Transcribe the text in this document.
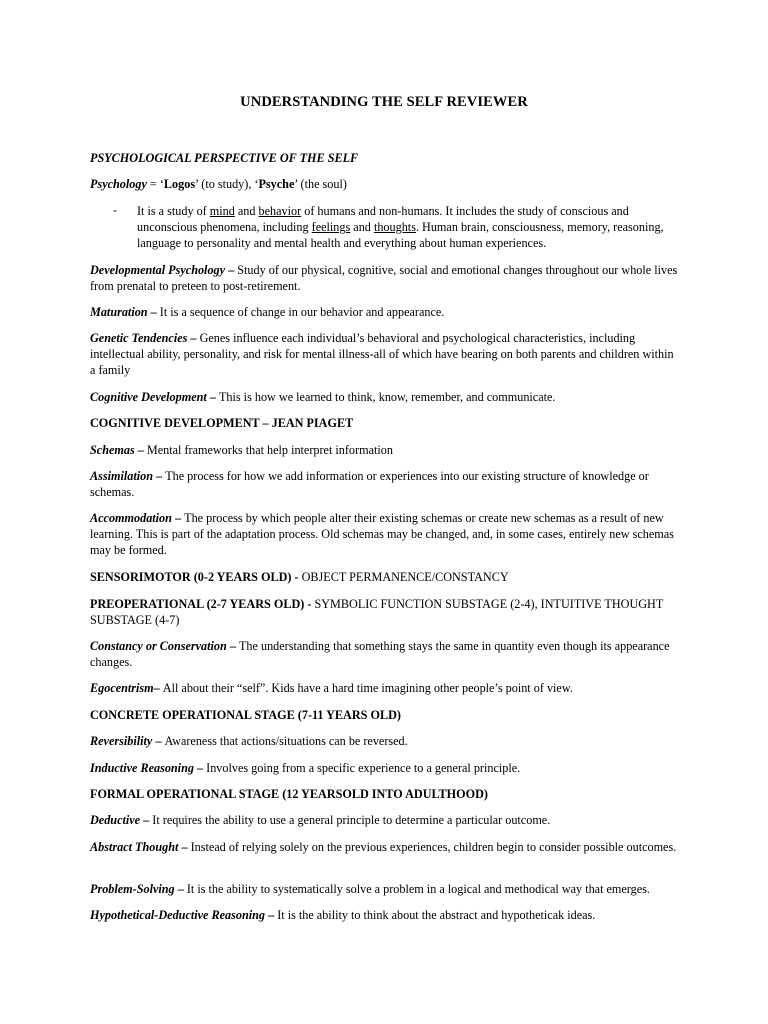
UNDERSTANDING THE SELF REVIEWER

PSYCHOLOGICAL PERSPECTIVE OF THE SELF

Psychology = ‘Logos’ (to study), ‘Psyche’ (the soul)

- It is a study of mind and behavior of humans and non-humans. It includes the study of conscious and unconscious phenomena, including feelings and thoughts. Human brain, consciousness, memory, reasoning, language to personality and mental health and everything about human experiences.

Developmental Psychology – Study of our physical, cognitive, social and emotional changes throughout our whole lives from prenatal to preteen to post-retirement.

Maturation – It is a sequence of change in our behavior and appearance.

Genetic Tendencies – Genes influence each individual’s behavioral and psychological characteristics, including intellectual ability, personality, and risk for mental illness-all of which have bearing on both parents and children within a family

Cognitive Development – This is how we learned to think, know, remember, and communicate.

COGNITIVE DEVELOPMENT – JEAN PIAGET

Schemas – Mental frameworks that help interpret information

Assimilation – The process for how we add information or experiences into our existing structure of knowledge or schemas.

Accommodation – The process by which people alter their existing schemas or create new schemas as a result of new learning. This is part of the adaptation process. Old schemas may be changed, and, in some cases, entirely new schemas may be formed.

SENSORIMOTOR (0-2 YEARS OLD) - OBJECT PERMANENCE/CONSTANCY

PREOPERATIONAL (2-7 YEARS OLD) - SYMBOLIC FUNCTION SUBSTAGE (2-4), INTUITIVE THOUGHT SUBSTAGE (4-7)

Constancy or Conservation – The understanding that something stays the same in quantity even though its appearance changes.

Egocentrism– All about their “self”. Kids have a hard time imagining other people’s point of view.

CONCRETE OPERATIONAL STAGE (7-11 YEARS OLD)

Reversibility – Awareness that actions/situations can be reversed.

Inductive Reasoning – Involves going from a specific experience to a general principle.

FORMAL OPERATIONAL STAGE (12 YEARSOLD INTO ADULTHOOD)

Deductive – It requires the ability to use a general principle to determine a particular outcome.

Abstract Thought – Instead of relying solely on the previous experiences, children begin to consider possible outcomes.

Problem-Solving – It is the ability to systematically solve a problem in a logical and methodical way that emerges.

Hypothetical-Deductive Reasoning – It is the ability to think about the abstract and hypotheticak ideas.
